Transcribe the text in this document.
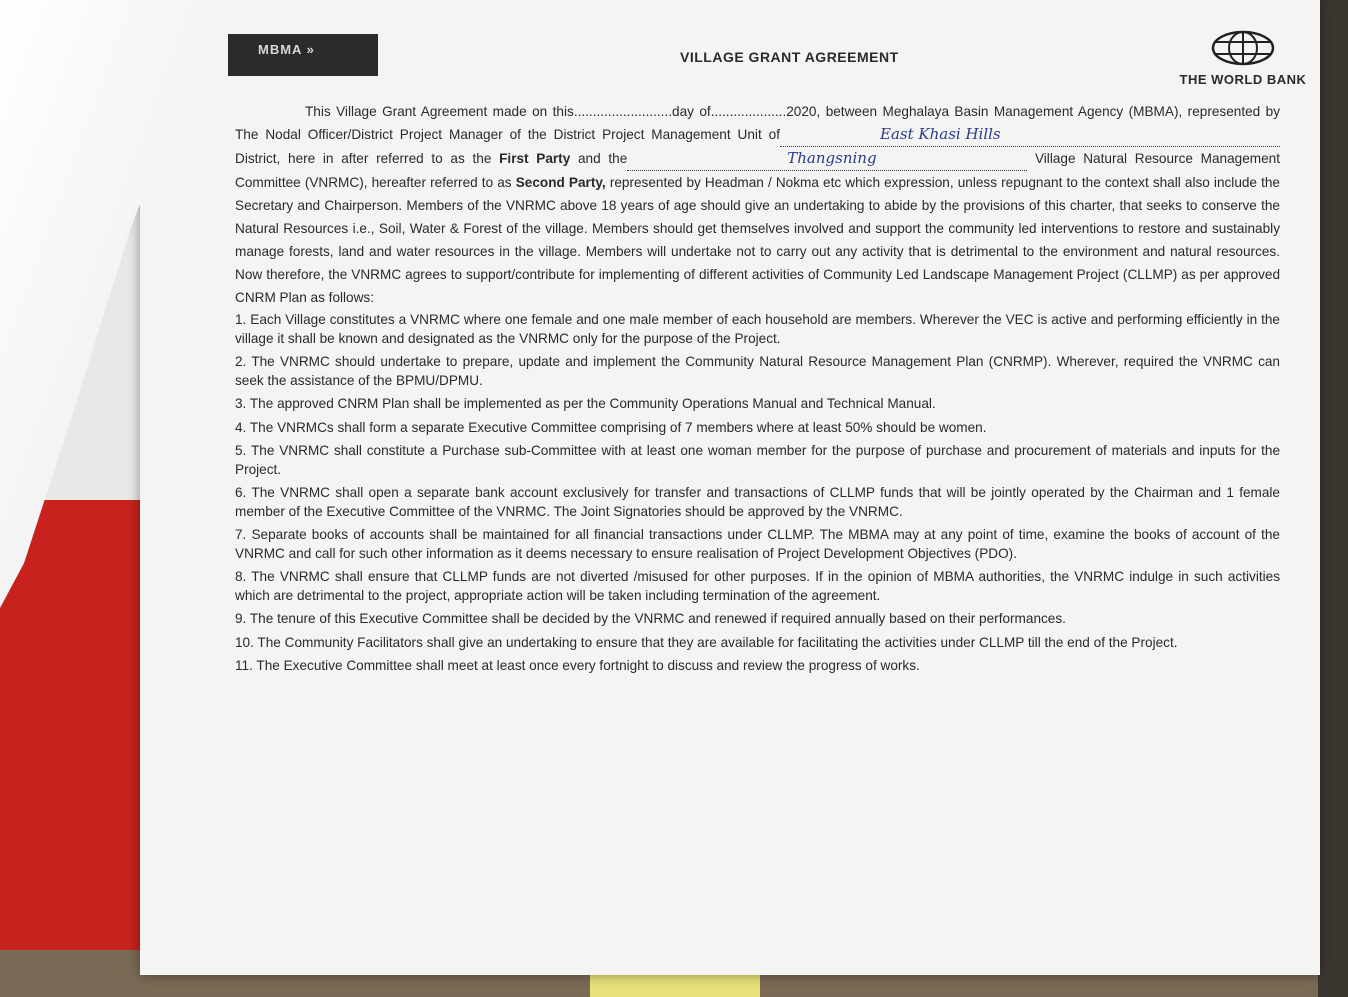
MBMA »	VILLAGE GRANT AGREEMENT
THE WORLD BANK

This Village Grant Agreement made on this..........................day of....................2020, between Meghalaya Basin Management Agency (MBMA), represented by The Nodal Officer/District Project Manager of the District Project Management Unit of	East Khasi HillsDistrict, here in after referred to as the First Party and the	Thangsning	Village Natural Resource Management Committee (VNRMC), hereafter referred to as Second Party, represented by Headman / Nokma etc which expression, unless repugnant to the context shall also include the Secretary and Chairperson. Members of the VNRMC above 18 years of age should give an undertaking to abide by the provisions of this charter, that seeks to conserve the Natural Resources i.e., Soil, Water & Forest of the village. Members should get themselves involved and support the community led interventions to restore and sustainably manage forests, land and water resources in the village. Members will undertake not to carry out any activity that is detrimental to the environment and natural resources. Now therefore, the VNRMC agrees to support/contribute for implementing of different activities of Community Led Landscape Management Project (CLLMP) as per approved CNRM Plan as follows:

1. Each Village constitutes a VNRMC where one female and one male member of each household are members. Wherever the VEC is active and performing efficiently in the village it shall be known and designated as the VNRMC only for the purpose of the Project.

2. The VNRMC should undertake to prepare, update and implement the Community Natural Resource Management Plan (CNRMP). Wherever, required the VNRMC can seek the assistance of the BPMU/DPMU.

3. The approved CNRM Plan shall be implemented as per the Community Operations Manual and Technical Manual.

4. The VNRMCs shall form a separate Executive Committee comprising of 7 members where at least 50% should be women.

5. The VNRMC shall constitute a Purchase sub-Committee with at least one woman member for the purpose of purchase and procurement of materials and inputs for the Project.

6. The VNRMC shall open a separate bank account exclusively for transfer and transactions of CLLMP funds that will be jointly operated by the Chairman and 1 female member of the Executive Committee of the VNRMC. The Joint Signatories should be approved by the VNRMC.

7. Separate books of accounts shall be maintained for all financial transactions under CLLMP. The MBMA may at any point of time, examine the books of account of the VNRMC and call for such other information as it deems necessary to ensure realisation of Project Development Objectives (PDO).

8. The VNRMC shall ensure that CLLMP funds are not diverted /misused for other purposes. If in the opinion of MBMA authorities, the VNRMC indulge in such activities which are detrimental to the project, appropriate action will be taken including termination of the agreement.

9. The tenure of this Executive Committee shall be decided by the VNRMC and renewed if required annually based on their performances.

10. The Community Facilitators shall give an undertaking to ensure that they are available for facilitating the activities under CLLMP till the end of the Project.

11. The Executive Committee shall meet at least once every fortnight to discuss and review the progress of works.
